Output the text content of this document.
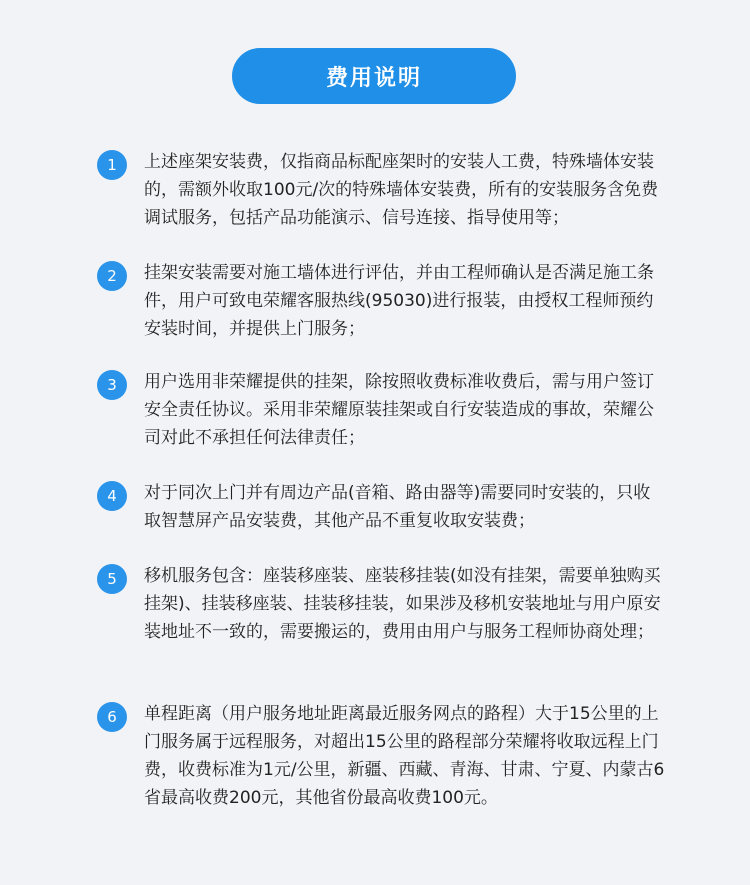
费用说明
1	上述座架安装费，仅指商品标配座架时的安装人工费，特殊墙体安装的，需额外收取100元/次的特殊墙体安装费，所有的安装服务含免费调试服务，包括产品功能演示、信号连接、指导使用等；
2	挂架安装需要对施工墙体进行评估，并由工程师确认是否满足施工条件，用户可致电荣耀客服热线(95030)进行报装，由授权工程师预约安装时间，并提供上门服务；
3	用户选用非荣耀提供的挂架，除按照收费标准收费后，需与用户签订安全责任协议。采用非荣耀原装挂架或自行安装造成的事故，荣耀公司对此不承担任何法律责任；
4	对于同次上门并有周边产品(音箱、路由器等)需要同时安装的，只收取智慧屏产品安装费，其他产品不重复收取安装费；
5	移机服务包含：座装移座装、座装移挂装(如没有挂架，需要单独购买挂架)、挂装移座装、挂装移挂装，如果涉及移机安装地址与用户原安装地址不一致的，需要搬运的，费用由用户与服务工程师协商处理；
6	单程距离（用户服务地址距离最近服务网点的路程）大于15公里的上门服务属于远程服务，对超出15公里的路程部分荣耀将收取远程上门费，收费标准为1元/公里，新疆、西藏、青海、甘肃、宁夏、内蒙古6省最高收费200元，其他省份最高收费100元。
